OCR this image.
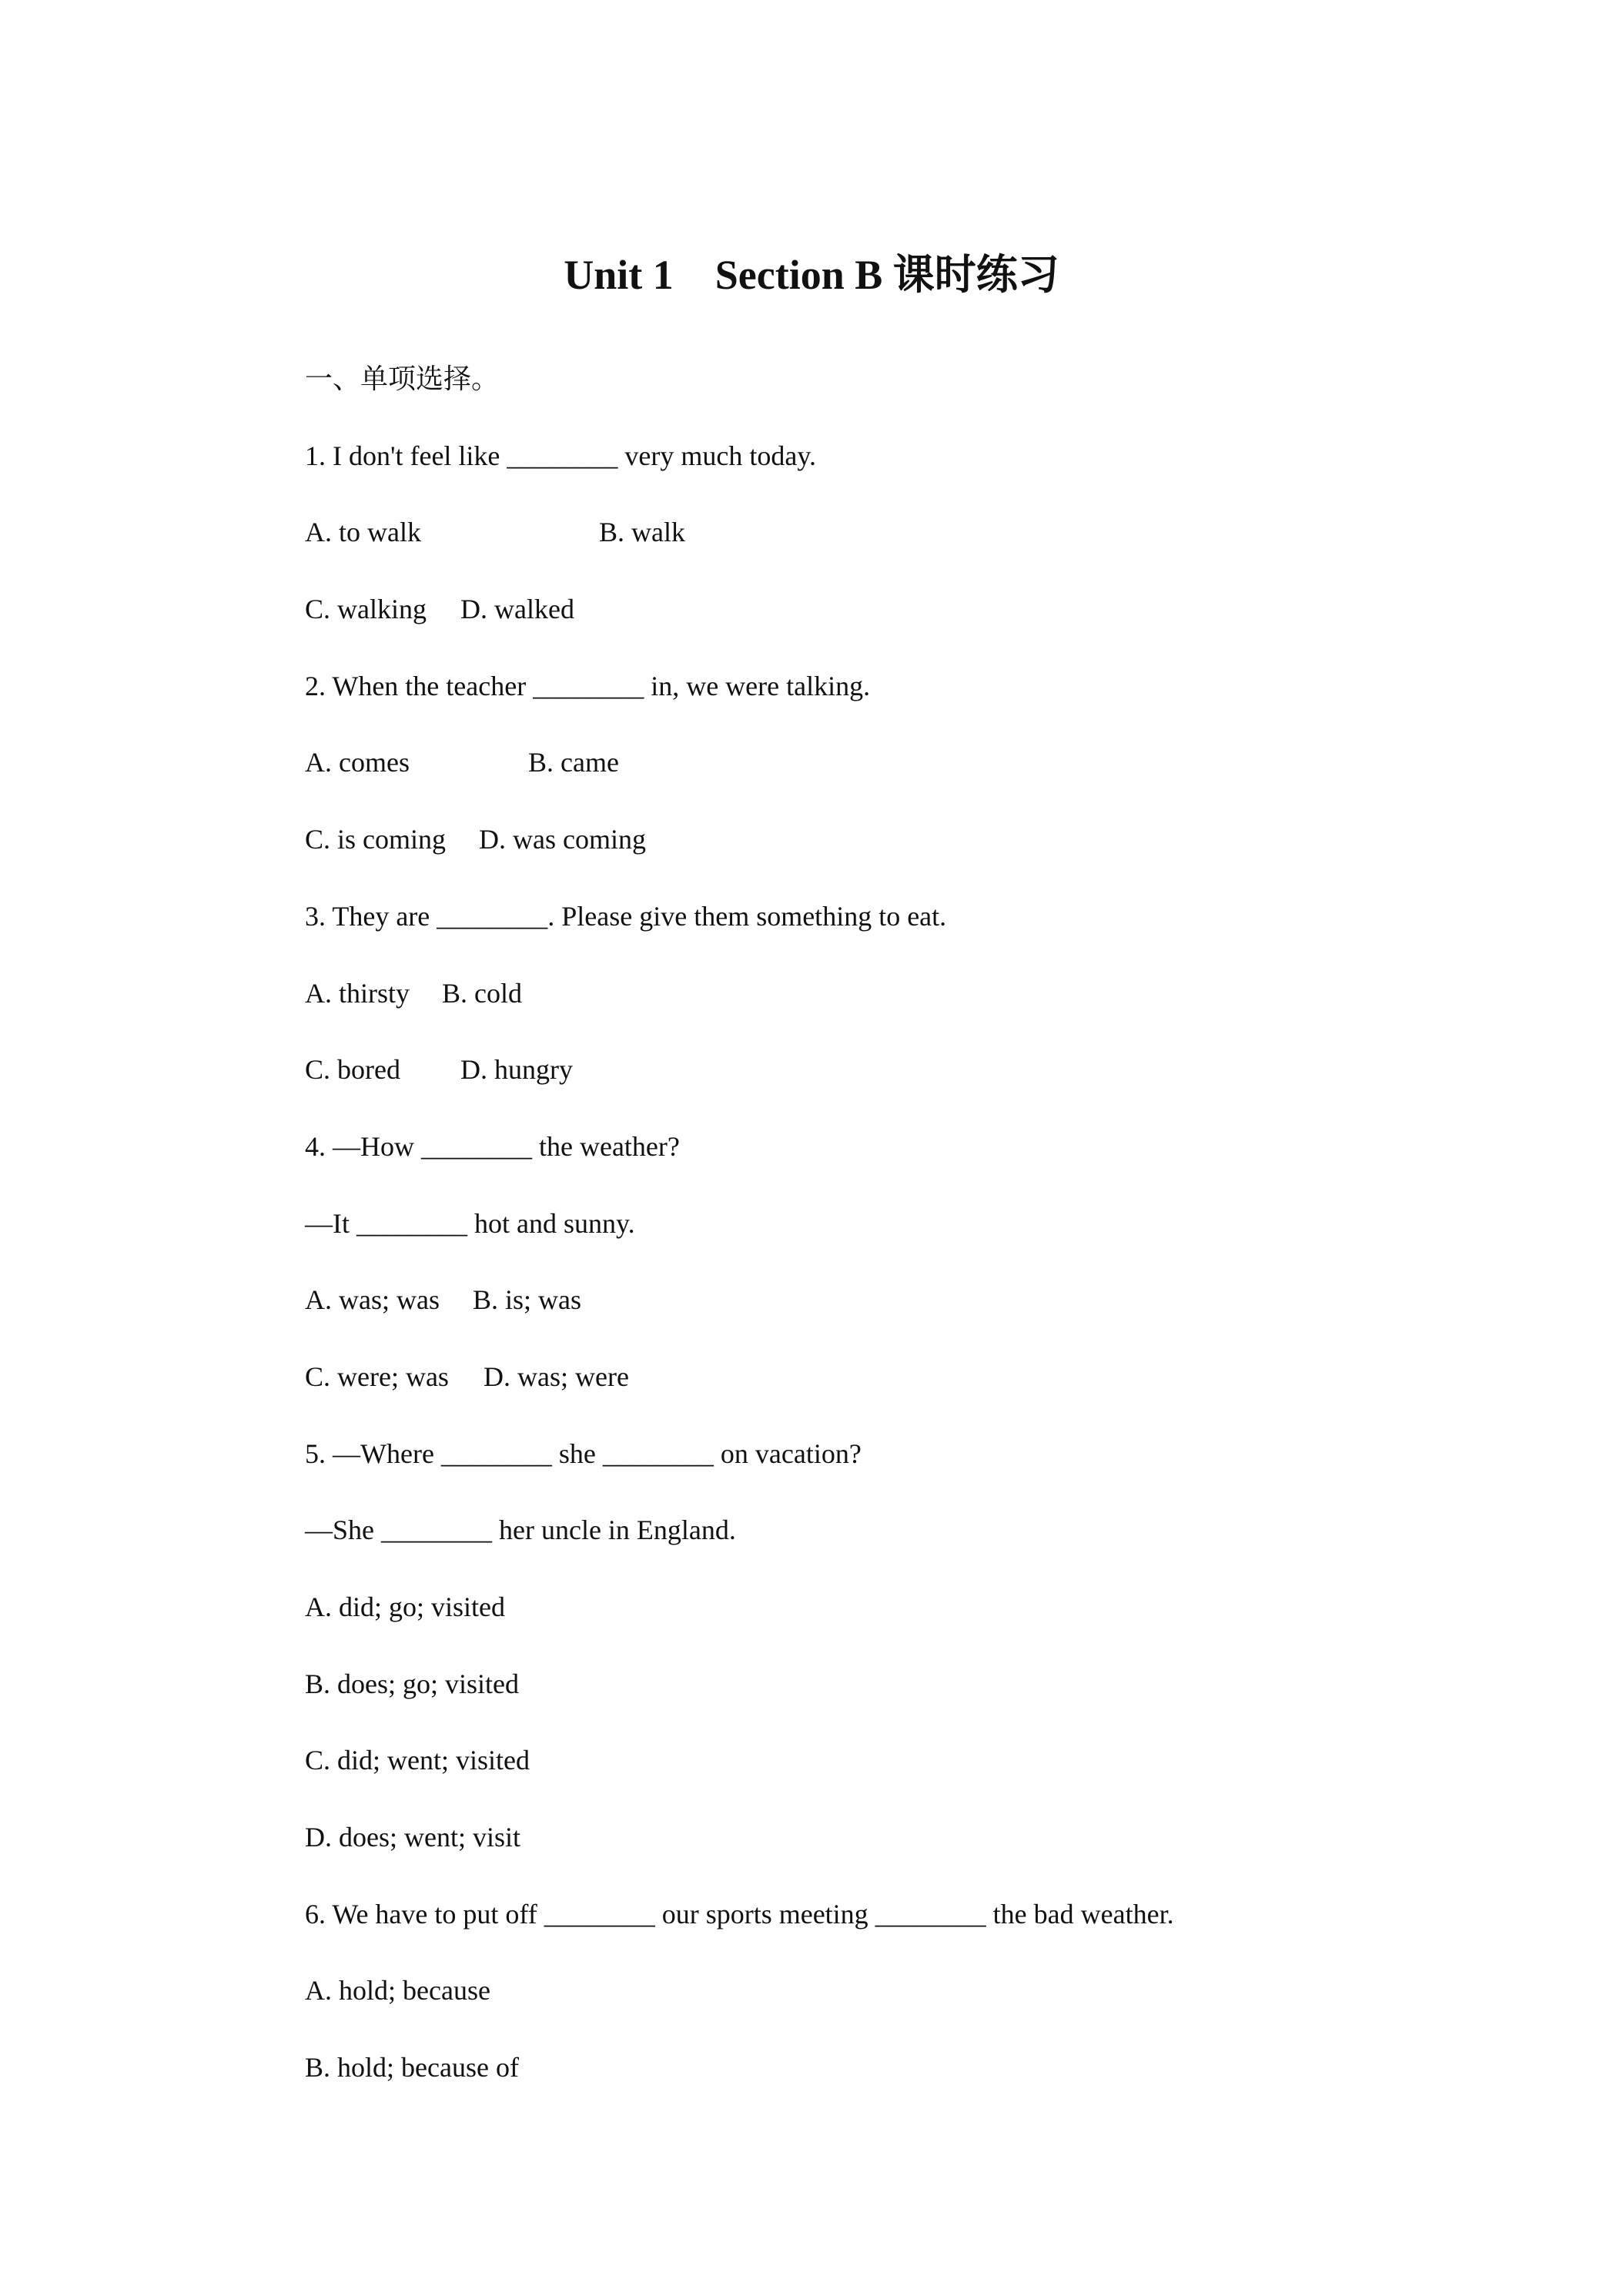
Unit 1　Section B 课时练习
一、单项选择。
1. I don't feel like ________ very much today.
A. to walk	B. walk
C. walking	D. walked
2. When the teacher ________ in, we were talking.
A. comes	B. came
C. is coming	D. was coming
3. They are ________. Please give them something to eat.
A. thirsty	B. cold
C. bored	D. hungry
4. —How ________ the weather?
—It ________ hot and sunny.
A. was; was	B. is; was
C. were; was	D. was; were
5. —Where ________ she ________ on vacation?
—She ________ her uncle in England.
A. did; go; visited
B. does; go; visited
C. did; went; visited
D. does; went; visit
6. We have to put off ________ our sports meeting ________ the bad weather.
A. hold; because
B. hold; because of
